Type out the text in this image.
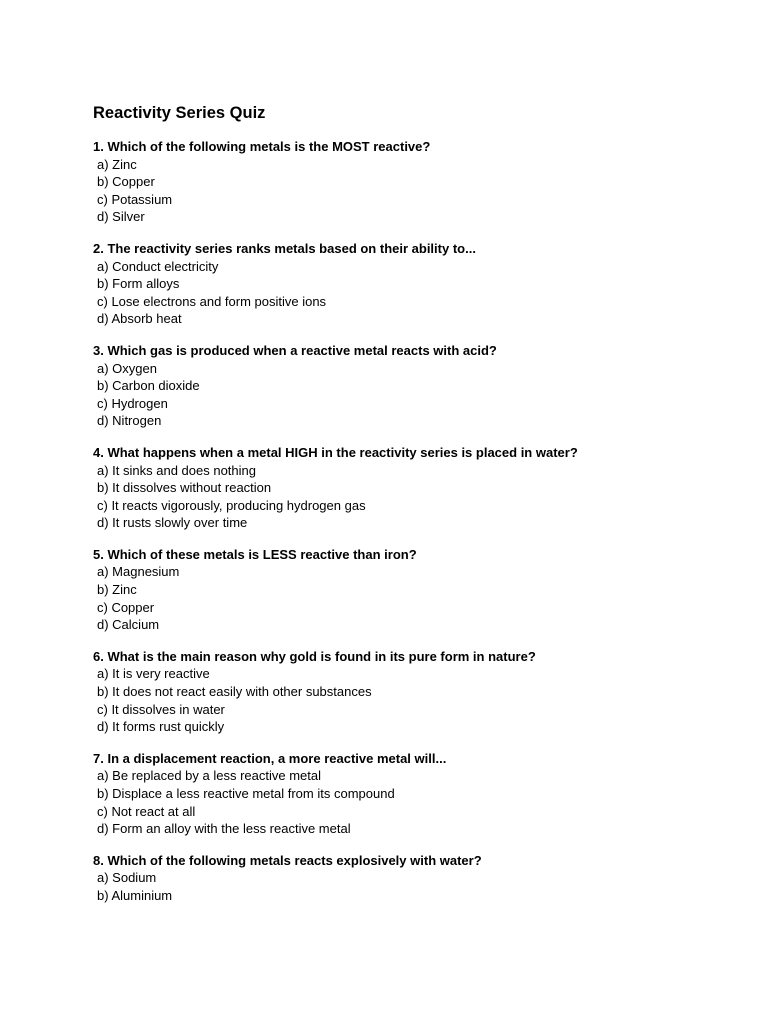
Reactivity Series Quiz
1. Which of the following metals is the MOST reactive?
a) Zinc
b) Copper
c) Potassium
d) Silver
2. The reactivity series ranks metals based on their ability to...
a) Conduct electricity
b) Form alloys
c) Lose electrons and form positive ions
d) Absorb heat
3. Which gas is produced when a reactive metal reacts with acid?
a) Oxygen
b) Carbon dioxide
c) Hydrogen
d) Nitrogen
4. What happens when a metal HIGH in the reactivity series is placed in water?
a) It sinks and does nothing
b) It dissolves without reaction
c) It reacts vigorously, producing hydrogen gas
d) It rusts slowly over time
5. Which of these metals is LESS reactive than iron?
a) Magnesium
b) Zinc
c) Copper
d) Calcium
6. What is the main reason why gold is found in its pure form in nature?
a) It is very reactive
b) It does not react easily with other substances
c) It dissolves in water
d) It forms rust quickly
7. In a displacement reaction, a more reactive metal will...
a) Be replaced by a less reactive metal
b) Displace a less reactive metal from its compound
c) Not react at all
d) Form an alloy with the less reactive metal
8. Which of the following metals reacts explosively with water?
a) Sodium
b) Aluminium
